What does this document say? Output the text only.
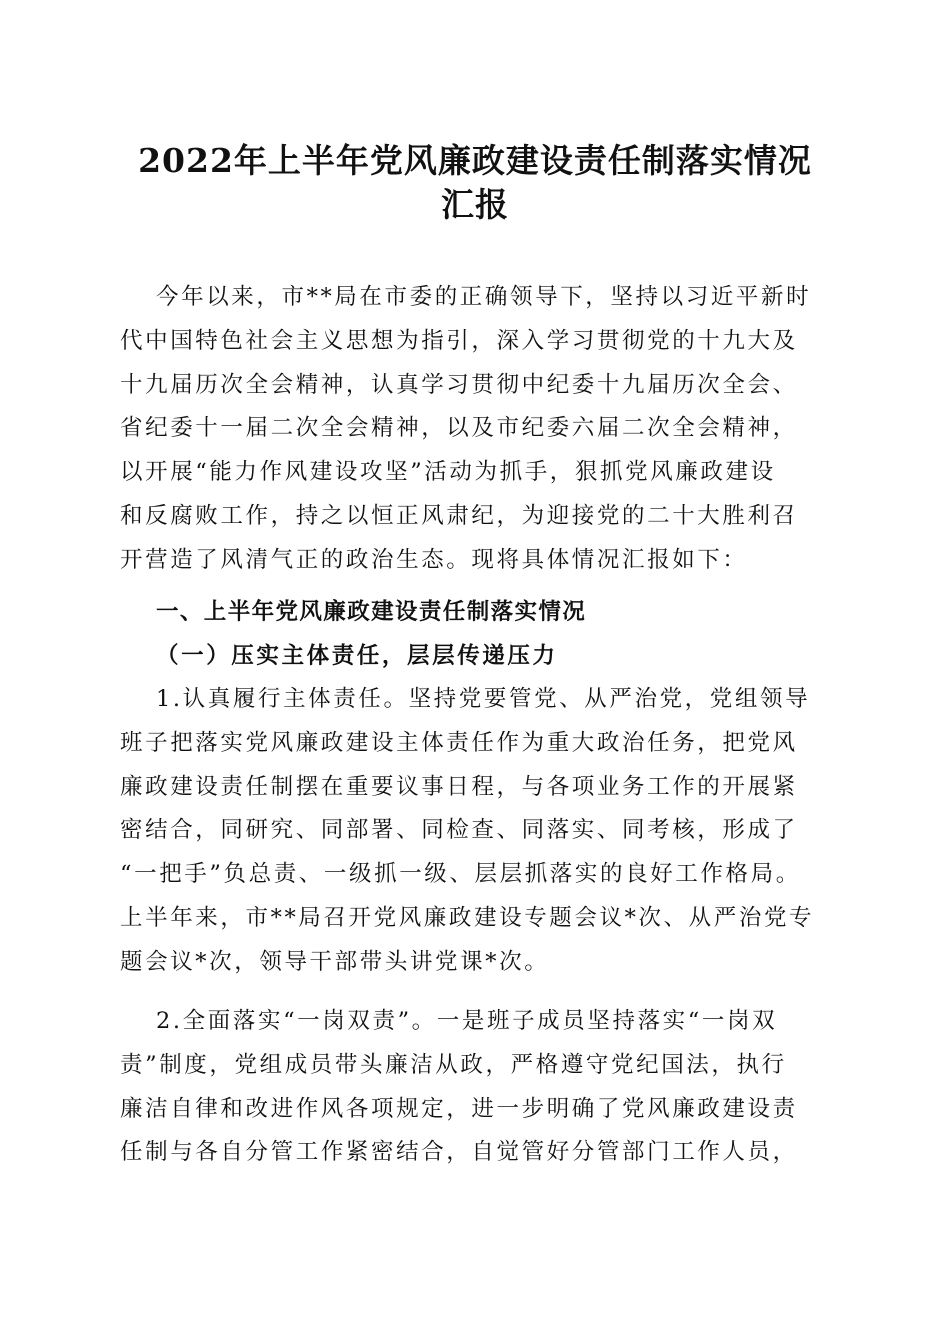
2022年上半年党风廉政建设责任制落实情况
汇报
今年以来，市**局在市委的正确领导下，坚持以习近平新时
代中国特色社会主义思想为指引，深入学习贯彻党的十九大及
十九届历次全会精神，认真学习贯彻中纪委十九届历次全会、
省纪委十一届二次全会精神，以及市纪委六届二次全会精神，
以开展“能力作风建设攻坚”活动为抓手，狠抓党风廉政建设
和反腐败工作，持之以恒正风肃纪，为迎接党的二十大胜利召
开营造了风清气正的政治生态。现将具体情况汇报如下：
一、上半年党风廉政建设责任制落实情况
（一）压实主体责任，层层传递压力
1.认真履行主体责任。坚持党要管党、从严治党，党组领导
班子把落实党风廉政建设主体责任作为重大政治任务，把党风
廉政建设责任制摆在重要议事日程，与各项业务工作的开展紧
密结合，同研究、同部署、同检查、同落实、同考核，形成了
“一把手”负总责、一级抓一级、层层抓落实的良好工作格局。
上半年来，市**局召开党风廉政建设专题会议*次、从严治党专
题会议*次，领导干部带头讲党课*次。
2.全面落实“一岗双责”。一是班子成员坚持落实“一岗双
责”制度，党组成员带头廉洁从政，严格遵守党纪国法，执行
廉洁自律和改进作风各项规定，进一步明确了党风廉政建设责
任制与各自分管工作紧密结合，自觉管好分管部门工作人员，
